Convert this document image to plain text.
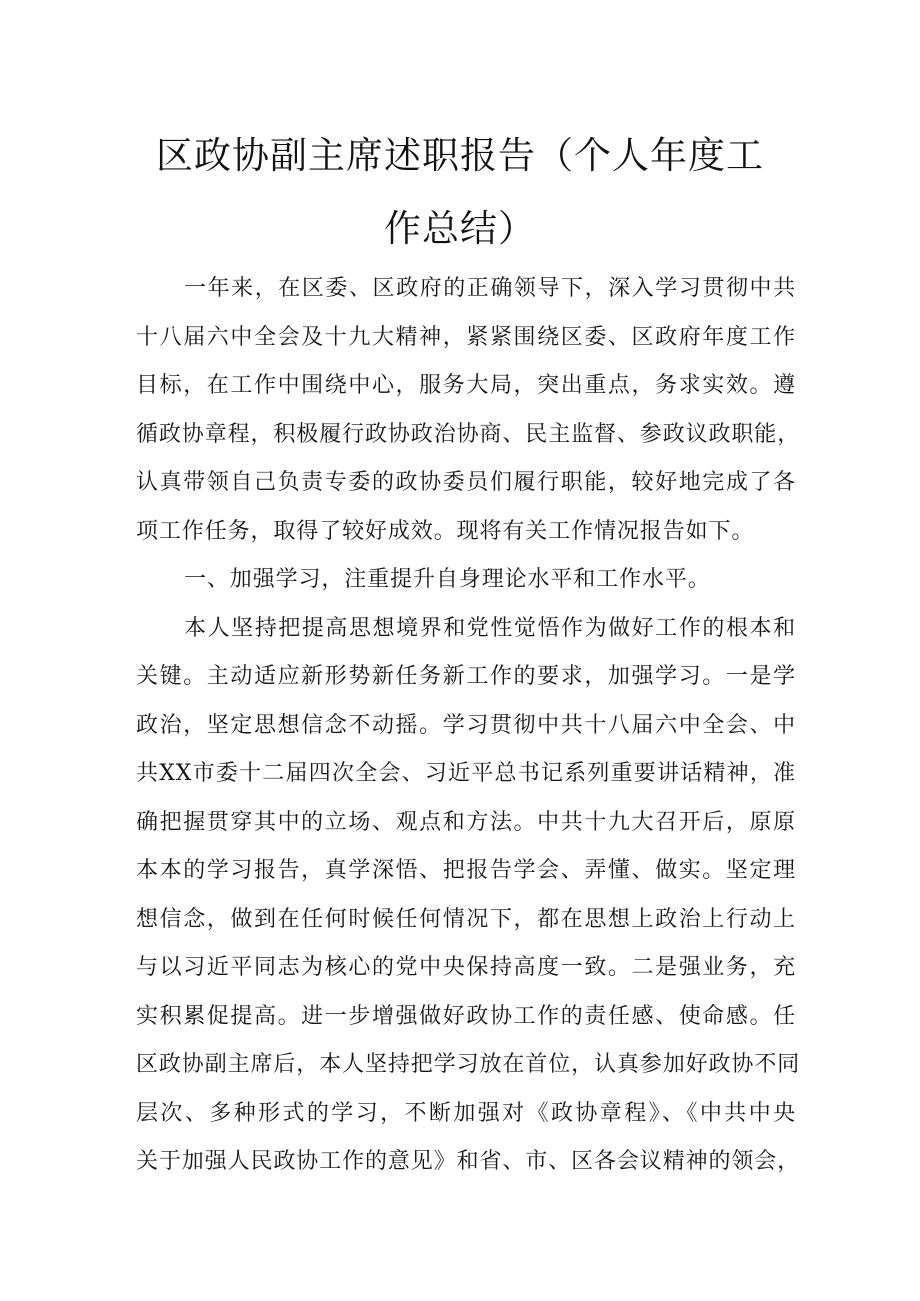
区政协副主席述职报告（个人年度工
作总结）
一年来，在区委、区政府的正确领导下，深入学习贯彻中共
十八届六中全会及十九大精神，紧紧围绕区委、区政府年度工作
目标，在工作中围绕中心，服务大局，突出重点，务求实效。遵
循政协章程，积极履行政协政治协商、民主监督、参政议政职能，
认真带领自己负责专委的政协委员们履行职能，较好地完成了各
项工作任务，取得了较好成效。现将有关工作情况报告如下。
一、加强学习，注重提升自身理论水平和工作水平。
本人坚持把提高思想境界和党性觉悟作为做好工作的根本和
关键。主动适应新形势新任务新工作的要求，加强学习。一是学
政治，坚定思想信念不动摇。学习贯彻中共十八届六中全会、中
共XX市委十二届四次全会、习近平总书记系列重要讲话精神，准
确把握贯穿其中的立场、观点和方法。中共十九大召开后，原原
本本的学习报告，真学深悟、把报告学会、弄懂、做实。坚定理
想信念，做到在任何时候任何情况下，都在思想上政治上行动上
与以习近平同志为核心的党中央保持高度一致。二是强业务，充
实积累促提高。进一步增强做好政协工作的责任感、使命感。任
区政协副主席后，本人坚持把学习放在首位，认真参加好政协不同
层次、多种形式的学习，不断加强对《政协章程》、《中共中央
关于加强人民政协工作的意见》和省、市、区各会议精神的领会，
